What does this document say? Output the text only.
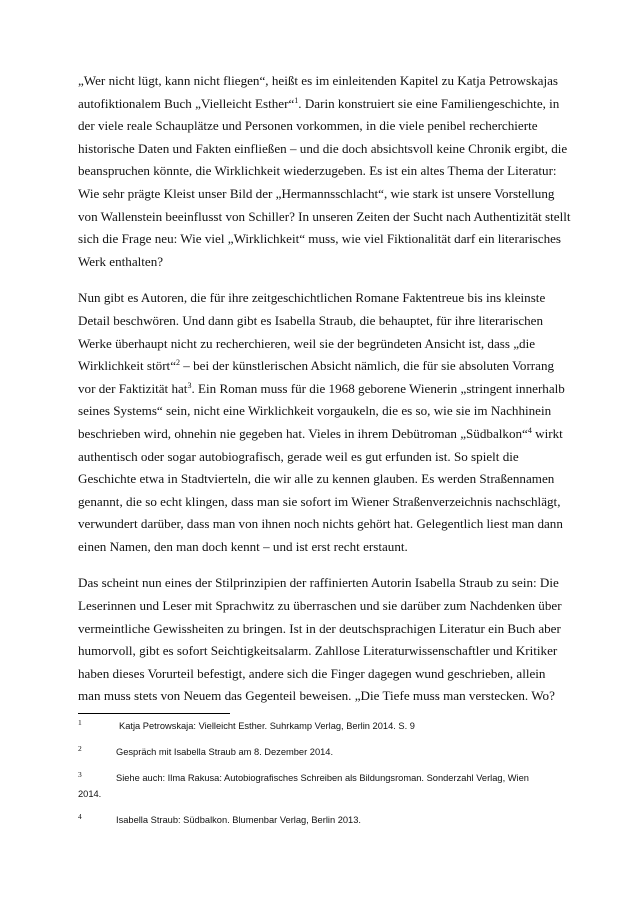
„Wer nicht lügt, kann nicht fliegen“, heißt es im einleitenden Kapitel zu Katja Petrowskajas
autofiktionalem Buch „Vielleicht Esther“$^1$. Darin konstruiert sie eine Familiengeschichte, in
der viele reale Schauplätze und Personen vorkommen, in die viele penibel recherchierte
historische Daten und Fakten einfließen – und die doch absichtsvoll keine Chronik ergibt, die
beanspruchen könnte, die Wirklichkeit wiederzugeben. Es ist ein altes Thema der Literatur:
Wie sehr prägte Kleist unser Bild der „Hermannsschlacht“, wie stark ist unsere Vorstellung
von Wallenstein beeinflusst von Schiller? In unseren Zeiten der Sucht nach Authentizität stellt
sich die Frage neu: Wie viel „Wirklichkeit“ muss, wie viel Fiktionalität darf ein literarisches
Werk enthalten?

Nun gibt es Autoren, die für ihre zeitgeschichtlichen Romane Faktentreue bis ins kleinste
Detail beschwören. Und dann gibt es Isabella Straub, die behauptet, für ihre literarischen
Werke überhaupt nicht zu recherchieren, weil sie der begründeten Ansicht ist, dass „die
Wirklichkeit stört“$^2$ – bei der künstlerischen Absicht nämlich, die für sie absoluten Vorrang
vor der Faktizität hat$^3$. Ein Roman muss für die 1968 geborene Wienerin „stringent innerhalb
seines Systems“ sein, nicht eine Wirklichkeit vorgaukeln, die es so, wie sie im Nachhinein
beschrieben wird, ohnehin nie gegeben hat. Vieles in ihrem Debütroman „Südbalkon“$^4$ wirkt
authentisch oder sogar autobiografisch, gerade weil es gut erfunden ist. So spielt die
Geschichte etwa in Stadtvierteln, die wir alle zu kennen glauben. Es werden Straßennamen
genannt, die so echt klingen, dass man sie sofort im Wiener Straßenverzeichnis nachschlägt,
verwundert darüber, dass man von ihnen noch nichts gehört hat. Gelegentlich liest man dann
einen Namen, den man doch kennt – und ist erst recht erstaunt.

Das scheint nun eines der Stilprinzipien der raffinierten Autorin Isabella Straub zu sein: Die
Leserinnen und Leser mit Sprachwitz zu überraschen und sie darüber zum Nachdenken über
vermeintliche Gewissheiten zu bringen. Ist in der deutschsprachigen Literatur ein Buch aber
humorvoll, gibt es sofort Seichtigkeitsalarm. Zahllose Literaturwissenschaftler und Kritiker
haben dieses Vorurteil befestigt, andere sich die Finger dagegen wund geschrieben, allein
man muss stets von Neuem das Gegenteil beweisen. „Die Tiefe muss man verstecken. Wo?

1	Katja Petrowskaja: Vielleicht Esther. Suhrkamp Verlag, Berlin 2014. S. 9
2	Gespräch mit Isabella Straub am 8. Dezember 2014.
3	Siehe auch: Ilma Rakusa: Autobiografisches Schreiben als Bildungsroman. Sonderzahl Verlag, Wien
2014.
4	Isabella Straub: Südbalkon. Blumenbar Verlag, Berlin 2013.
